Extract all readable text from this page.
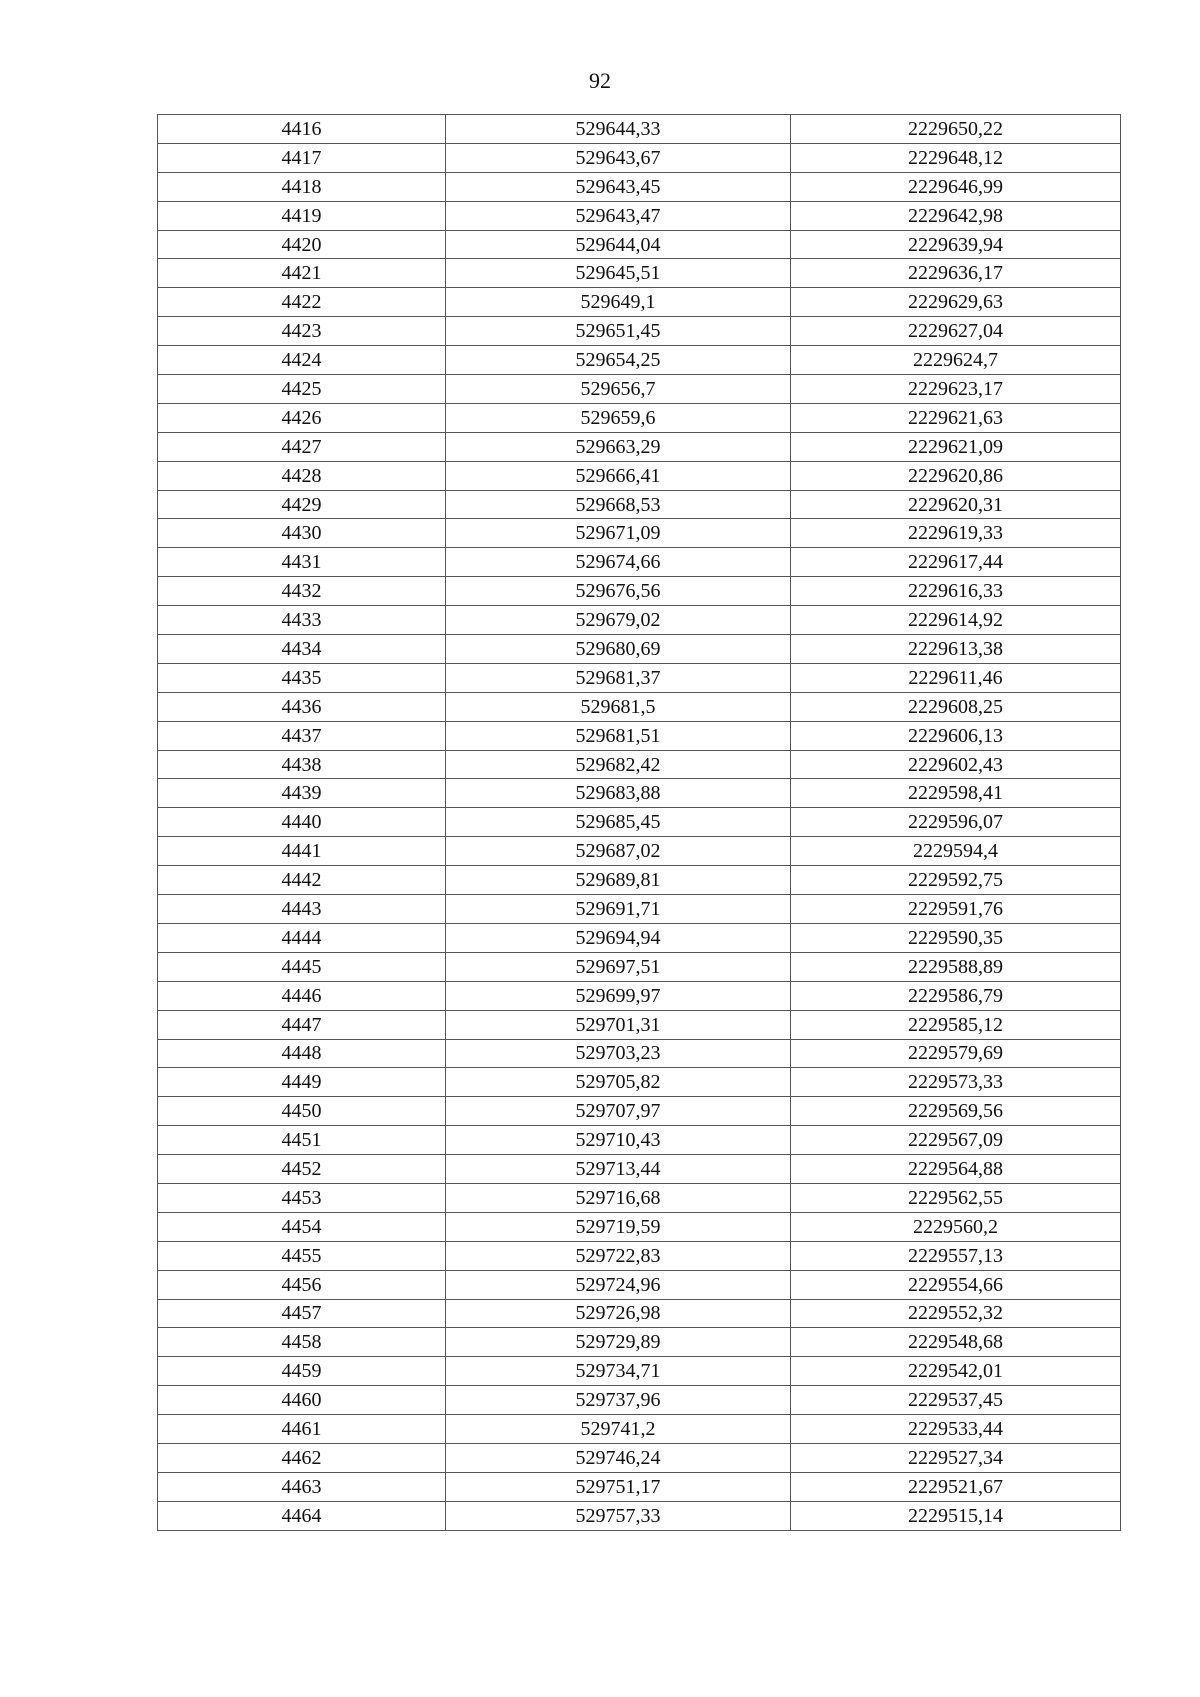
92
4416	529644,33	2229650,22
4417	529643,67	2229648,12
4418	529643,45	2229646,99
4419	529643,47	2229642,98
4420	529644,04	2229639,94
4421	529645,51	2229636,17
4422	529649,1	2229629,63
4423	529651,45	2229627,04
4424	529654,25	2229624,7
4425	529656,7	2229623,17
4426	529659,6	2229621,63
4427	529663,29	2229621,09
4428	529666,41	2229620,86
4429	529668,53	2229620,31
4430	529671,09	2229619,33
4431	529674,66	2229617,44
4432	529676,56	2229616,33
4433	529679,02	2229614,92
4434	529680,69	2229613,38
4435	529681,37	2229611,46
4436	529681,5	2229608,25
4437	529681,51	2229606,13
4438	529682,42	2229602,43
4439	529683,88	2229598,41
4440	529685,45	2229596,07
4441	529687,02	2229594,4
4442	529689,81	2229592,75
4443	529691,71	2229591,76
4444	529694,94	2229590,35
4445	529697,51	2229588,89
4446	529699,97	2229586,79
4447	529701,31	2229585,12
4448	529703,23	2229579,69
4449	529705,82	2229573,33
4450	529707,97	2229569,56
4451	529710,43	2229567,09
4452	529713,44	2229564,88
4453	529716,68	2229562,55
4454	529719,59	2229560,2
4455	529722,83	2229557,13
4456	529724,96	2229554,66
4457	529726,98	2229552,32
4458	529729,89	2229548,68
4459	529734,71	2229542,01
4460	529737,96	2229537,45
4461	529741,2	2229533,44
4462	529746,24	2229527,34
4463	529751,17	2229521,67
4464	529757,33	2229515,14
